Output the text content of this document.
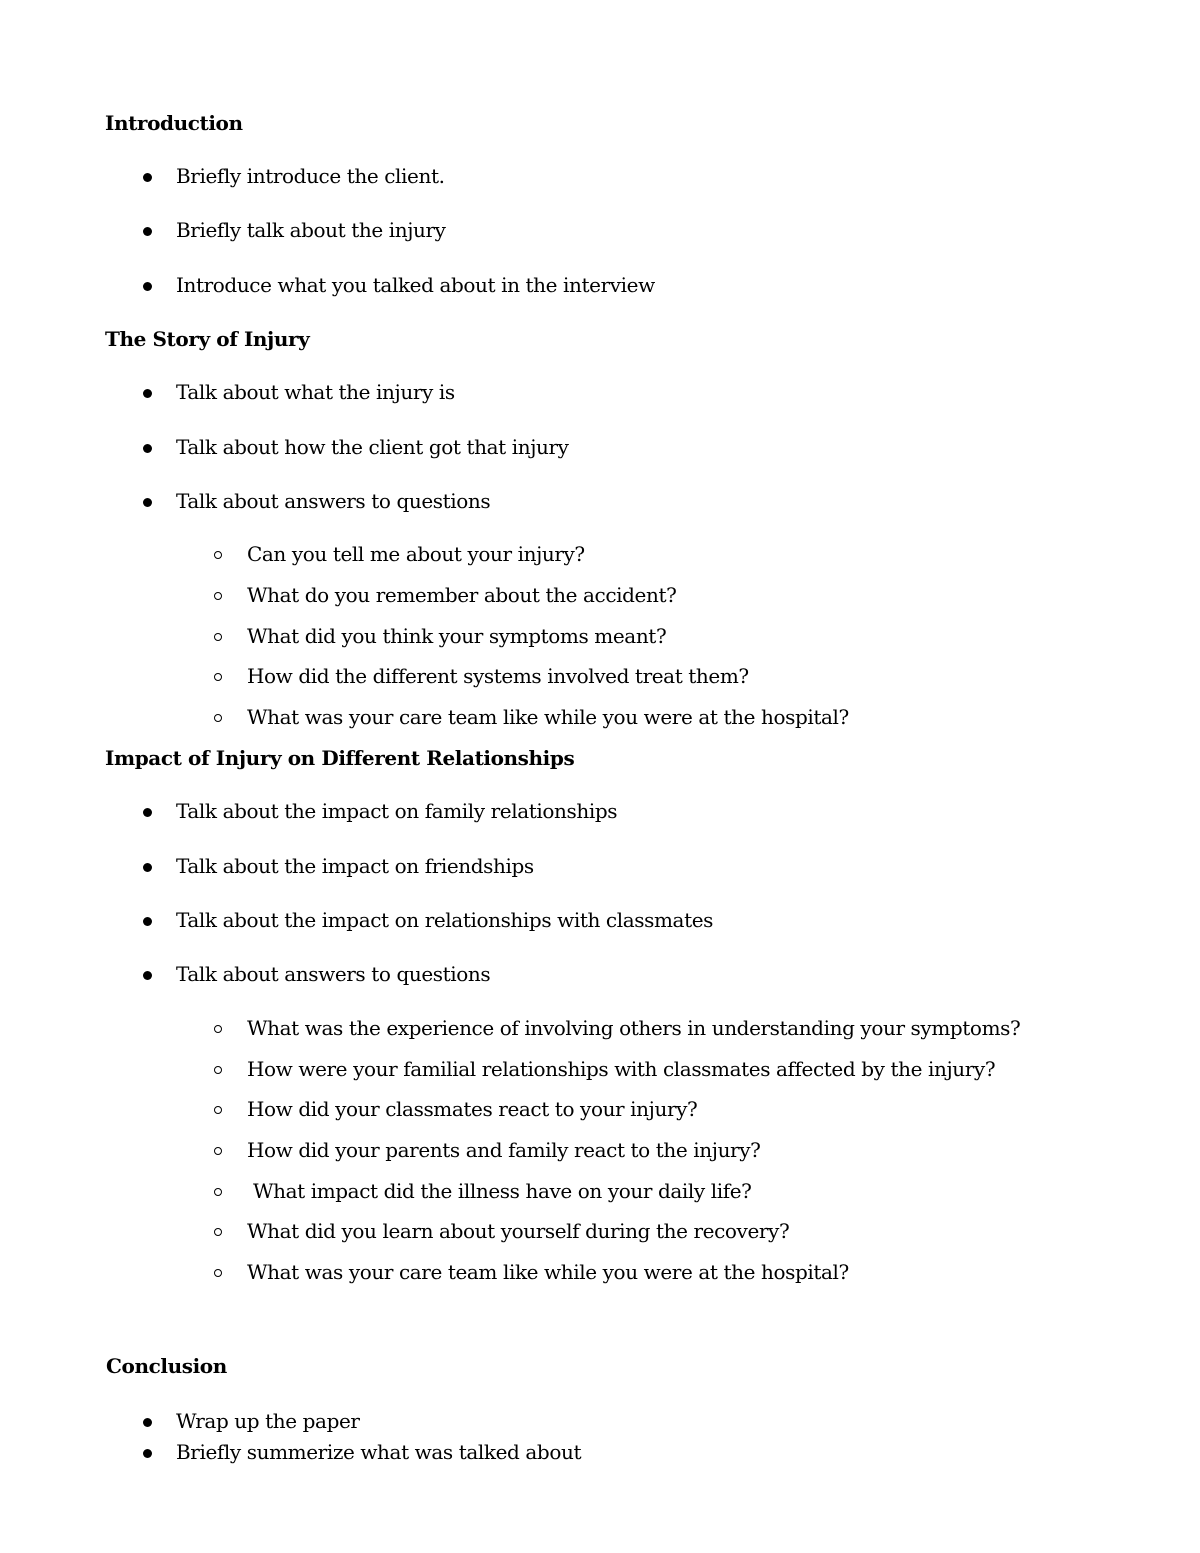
Introduction
Briefly introduce the client.
Briefly talk about the injury
Introduce what you talked about in the interview
The Story of Injury
Talk about what the injury is
Talk about how the client got that injury
Talk about answers to questions
Can you tell me about your injury?
What do you remember about the accident?
What did you think your symptoms meant?
How did the different systems involved treat them?
What was your care team like while you were at the hospital?
Impact of Injury on Different Relationships
Talk about the impact on family relationships
Talk about the impact on friendships
Talk about the impact on relationships with classmates
Talk about answers to questions
What was the experience of involving others in understanding your symptoms?
How were your familial relationships with classmates affected by the injury?
How did your classmates react to your injury?
How did your parents and family react to the injury?
What impact did the illness have on your daily life?
What did you learn about yourself during the recovery?
What was your care team like while you were at the hospital?
Conclusion
Wrap up the paper
Briefly summerize what was talked about
